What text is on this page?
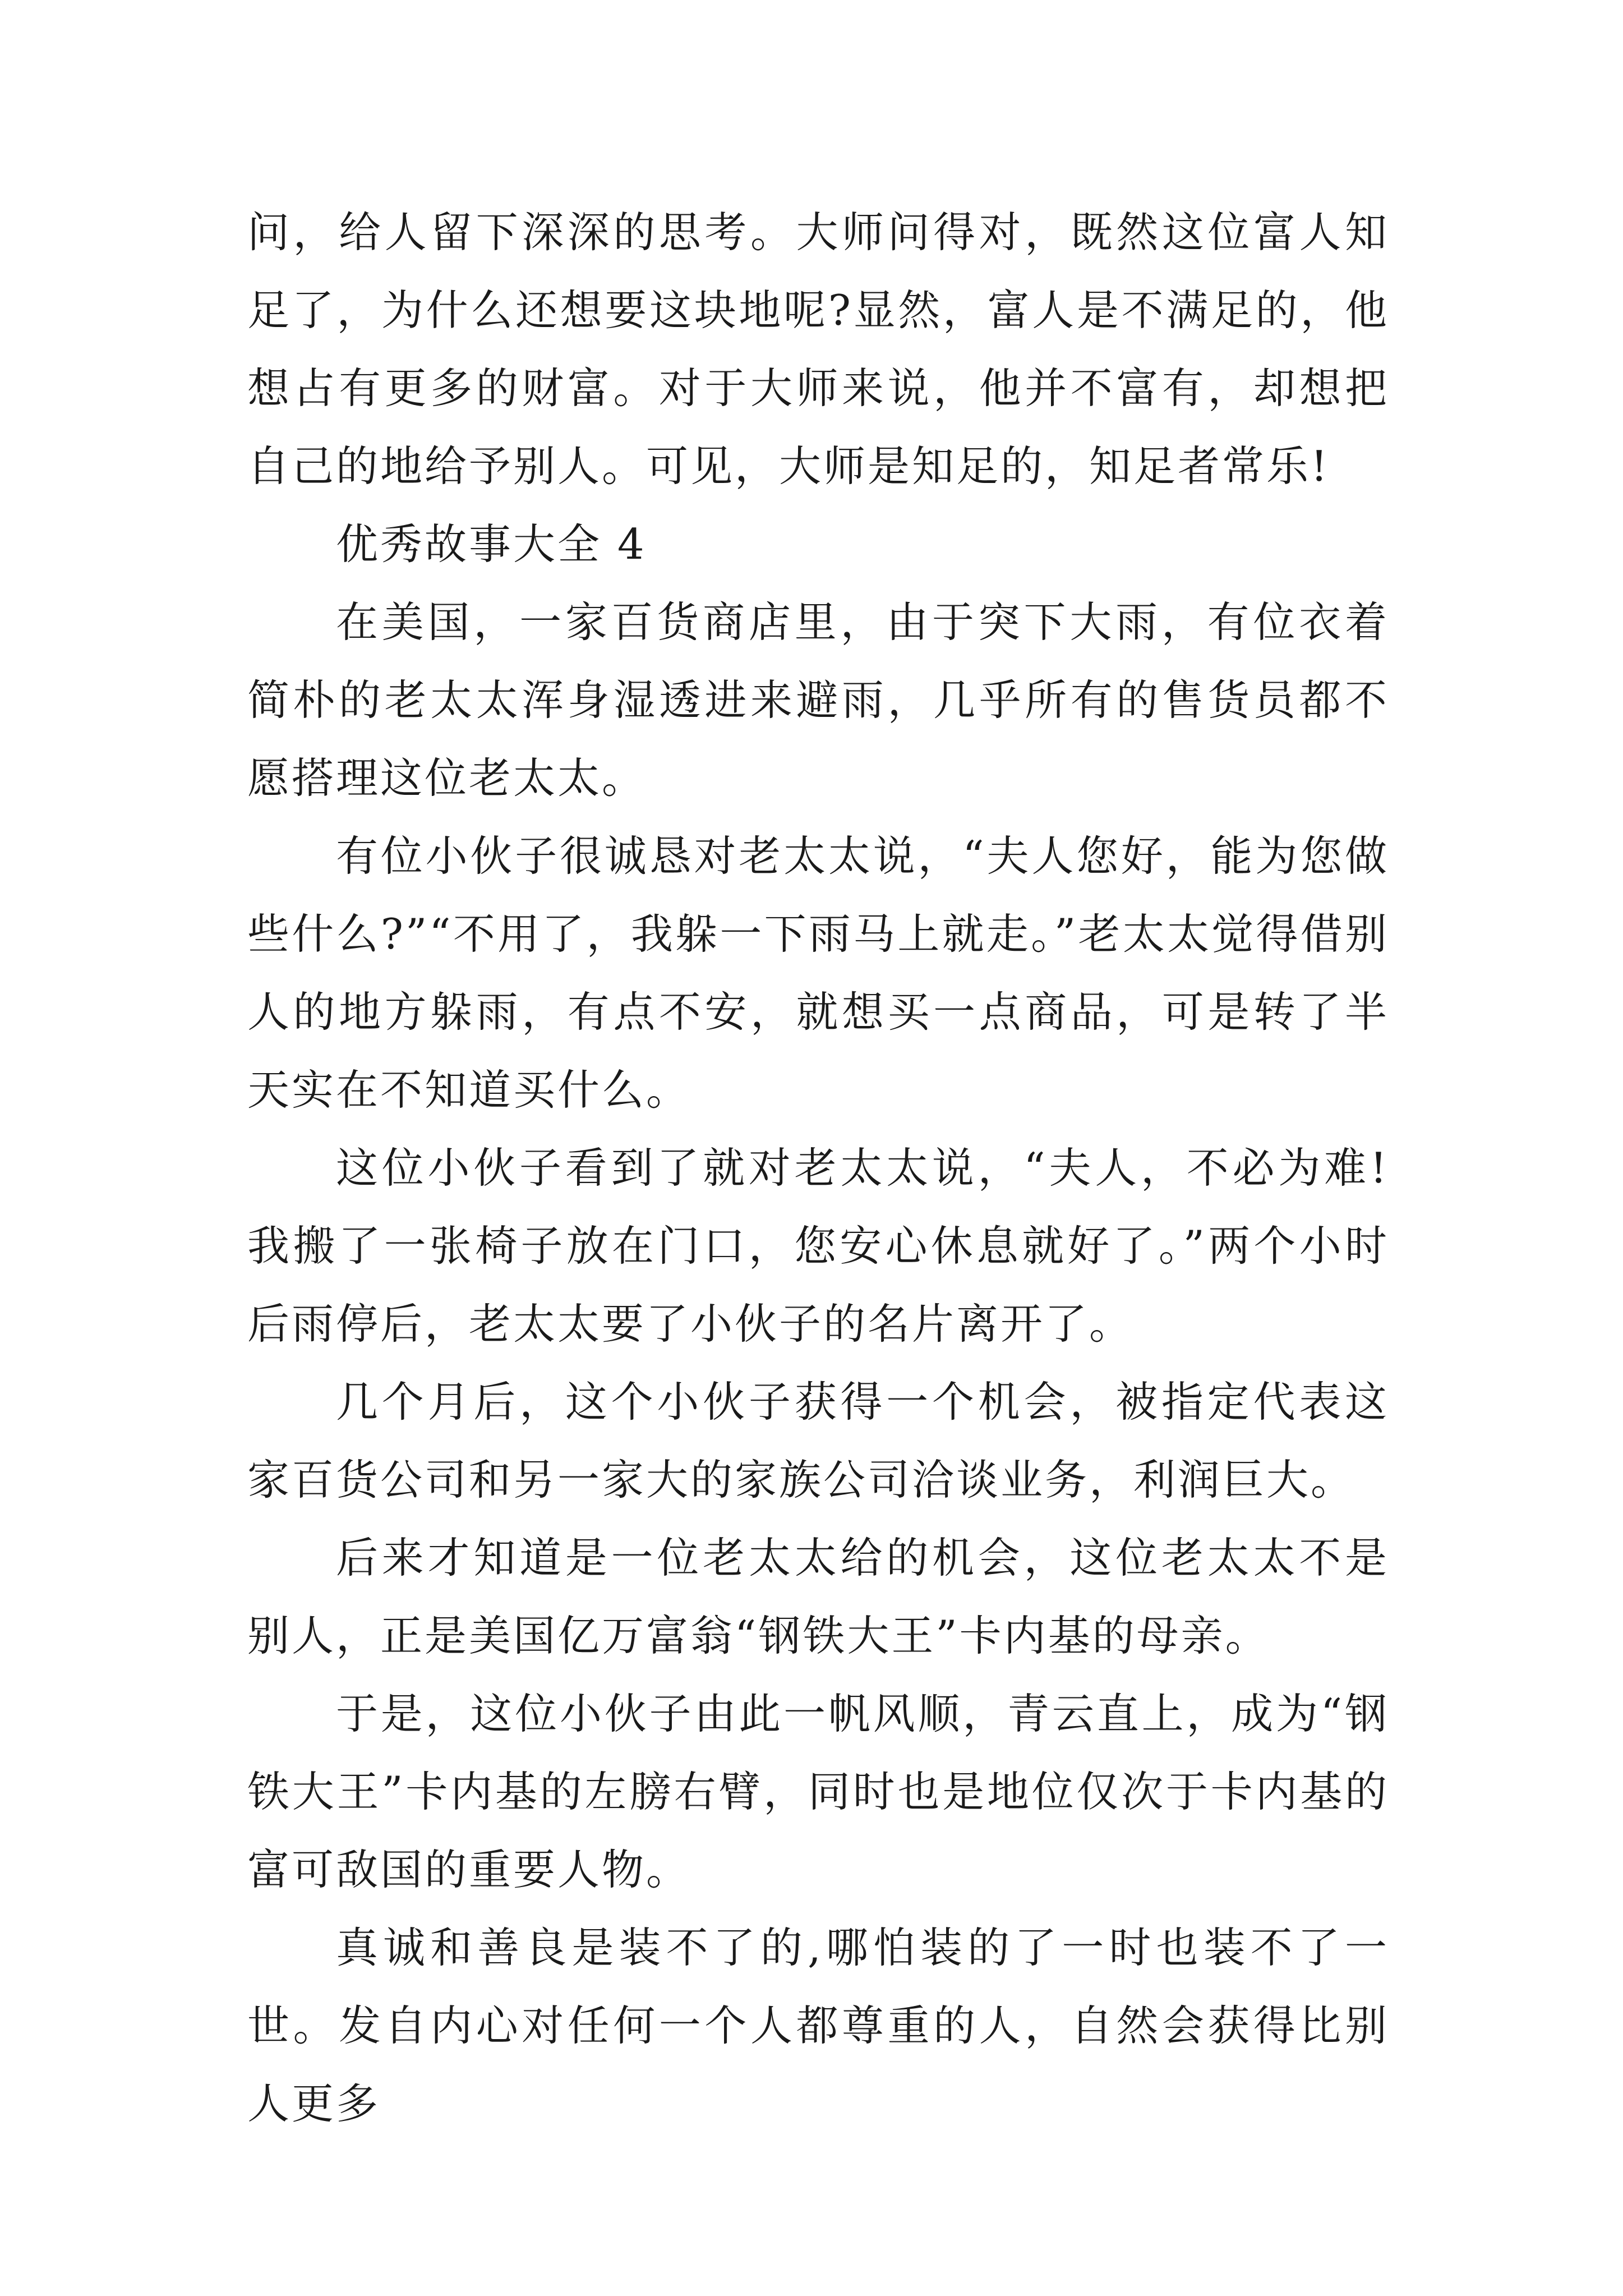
问，给人留下深深的思考。大师问得对，既然这位富人知足了，为什么还想要这块地呢?显然，富人是不满足的，他想占有更多的财富。对于大师来说，他并不富有，却想把自己的地给予别人。可见，大师是知足的，知足者常乐!

优秀故事大全 4

在美国，一家百货商店里，由于突下大雨，有位衣着简朴的老太太浑身湿透进来避雨，几乎所有的售货员都不愿搭理这位老太太。

有位小伙子很诚恳对老太太说，“夫人您好，能为您做些什么?”“不用了，我躲一下雨马上就走。”老太太觉得借别人的地方躲雨，有点不安，就想买一点商品，可是转了半天实在不知道买什么。

这位小伙子看到了就对老太太说，“夫人，不必为难!我搬了一张椅子放在门口，您安心休息就好了。”两个小时后雨停后，老太太要了小伙子的名片离开了。

几个月后，这个小伙子获得一个机会，被指定代表这家百货公司和另一家大的家族公司洽谈业务，利润巨大。

后来才知道是一位老太太给的机会，这位老太太不是别人，正是美国亿万富翁“钢铁大王”卡内基的母亲。

于是，这位小伙子由此一帆风顺，青云直上，成为“钢铁大王”卡内基的左膀右臂，同时也是地位仅次于卡内基的富可敌国的重要人物。

真诚和善良是装不了的,哪怕装的了一时也装不了一世。发自内心对任何一个人都尊重的人，自然会获得比别人更多
